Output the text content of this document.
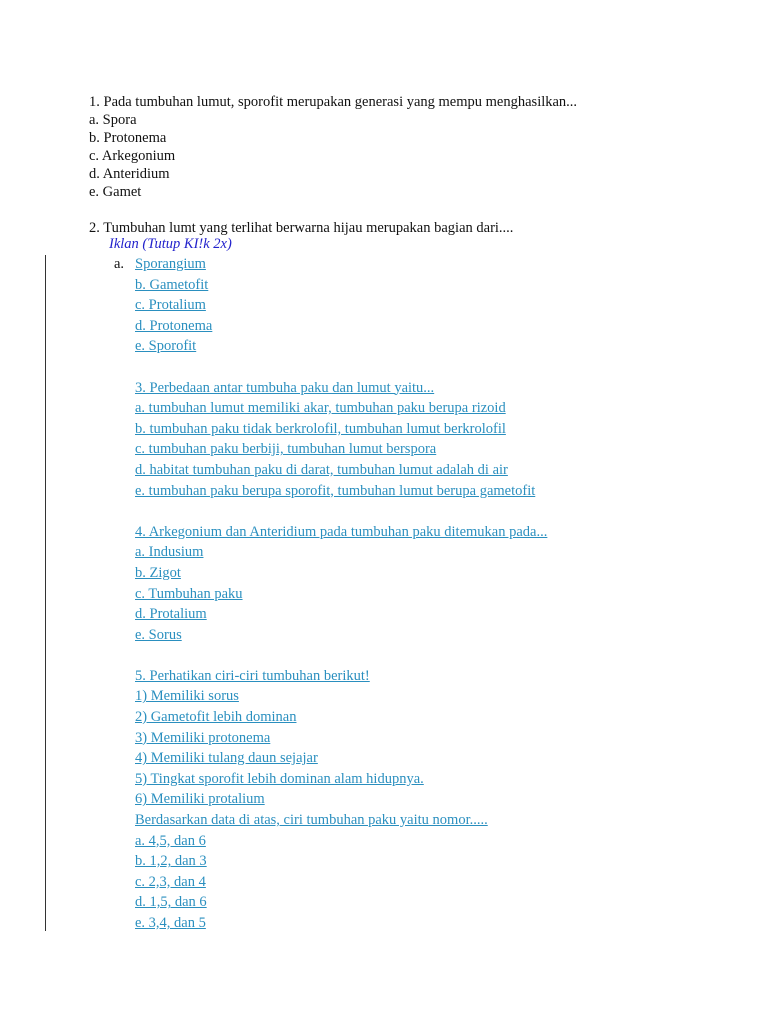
1. Pada tumbuhan lumut, sporofit merupakan generasi yang mempu menghasilkan...
a. Spora
b. Protonema
c. Arkegonium
d. Anteridium
e. Gamet
2. Tumbuhan lumt yang terlihat berwarna hijau merupakan bagian dari....
Iklan (Tutup KI!k 2x)
a. Sporangium
b. Gametofit
c. Protalium
d. Protonema
e. Sporofit
3. Perbedaan antar tumbuha paku dan lumut yaitu...
a. tumbuhan lumut memiliki akar, tumbuhan paku berupa rizoid
b. tumbuhan paku tidak berkrolofil, tumbuhan lumut berkrolofil
c. tumbuhan paku berbiji, tumbuhan lumut berspora
d. habitat tumbuhan paku di darat, tumbuhan lumut adalah di air
e. tumbuhan paku berupa sporofit, tumbuhan lumut berupa gametofit
4. Arkegonium dan Anteridium pada tumbuhan paku ditemukan pada...
a. Indusium
b. Zigot
c. Tumbuhan paku
d. Protalium
e. Sorus
5. Perhatikan ciri-ciri tumbuhan berikut!
1) Memiliki sorus
2) Gametofit lebih dominan
3) Memiliki protonema
4) Memiliki tulang daun sejajar
5) Tingkat sporofit lebih dominan alam hidupnya.
6) Memiliki protalium
Berdasarkan data di atas, ciri tumbuhan paku yaitu nomor.....
a. 4,5, dan 6
b. 1,2, dan 3
c. 2,3, dan 4
d. 1,5, dan 6
e. 3,4, dan 5
